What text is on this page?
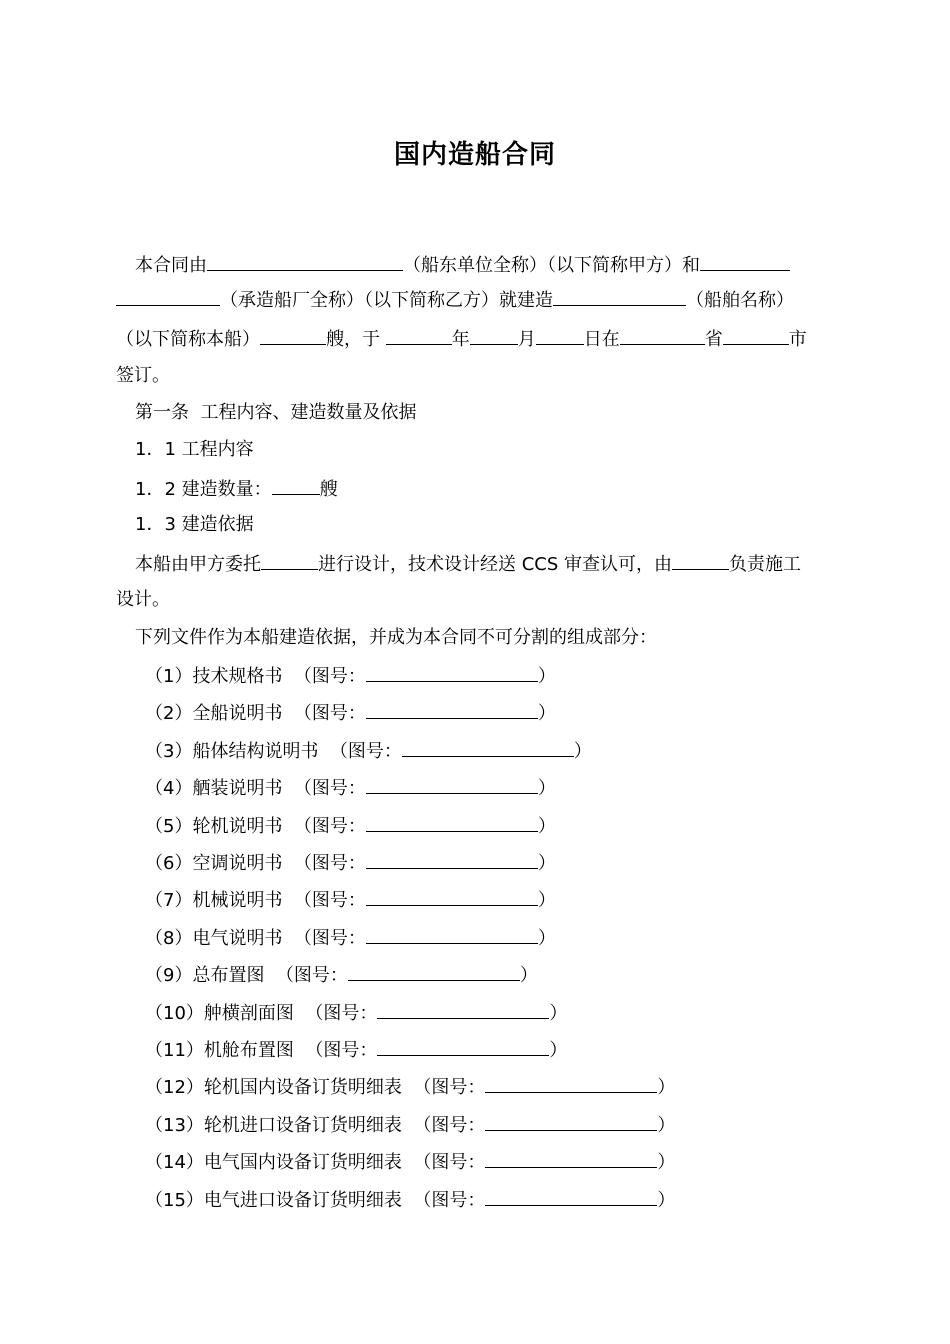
国内造船合同
本合同由	（船东单位全称）（以下简称甲方）和
（承造船厂全称）（以下简称乙方）就建造	（船舶名称）
（以下简称本船）	艘，于	年	月	日在	省	市
签订。
第一条  工程内容、建造数量及依据
1．1 工程内容
1．2 建造数量：	艘
1．3 建造依据
本船由甲方委托	进行设计，技术设计经送 CCS 审查认可，由	负责施工
设计。
下列文件作为本船建造依据，并成为本合同不可分割的组成部分：
（1）技术规格书  （图号：	）
（2）全船说明书  （图号：	）
（3）船体结构说明书  （图号：	）
（4）舾装说明书  （图号：	）
（5）轮机说明书  （图号：	）
（6）空调说明书  （图号：	）
（7）机械说明书  （图号：	）
（8）电气说明书  （图号：	）
（9）总布置图  （图号：	）
（10）舯横剖面图  （图号：	）
（11）机舱布置图  （图号：	）
（12）轮机国内设备订货明细表  （图号：	）
（13）轮机进口设备订货明细表  （图号：	）
（14）电气国内设备订货明细表  （图号：	）
（15）电气进口设备订货明细表  （图号：	）
